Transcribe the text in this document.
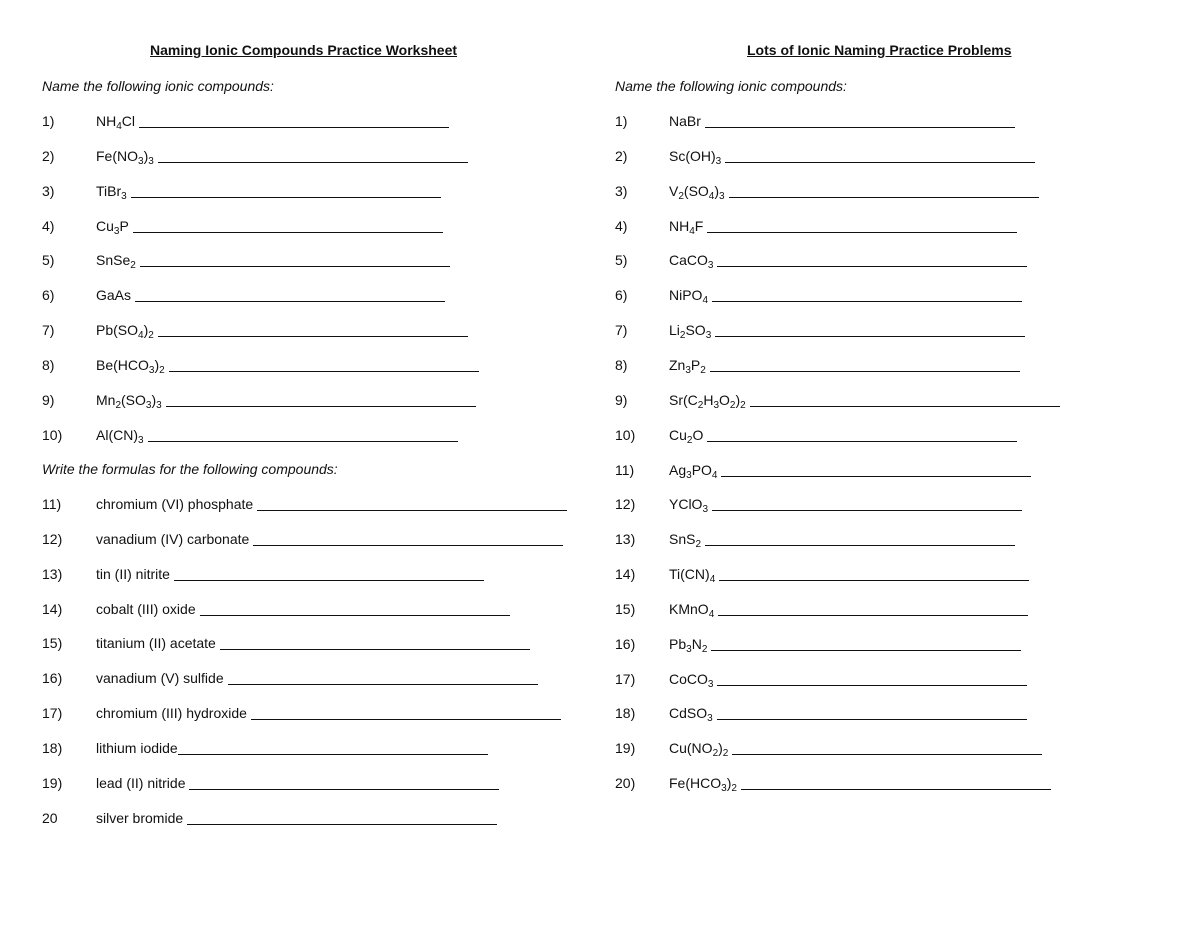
Naming Ionic Compounds Practice Worksheet
Name the following ionic compounds:
1)	$NH_4Cl$
2)	$Fe(NO_3)_3$
3)	TiBr$_3$
4)	$Cu_3P$
5)	SnSe$_2$
6)	GaAs
7)	$Pb(SO_4)_2$
8)	$Be(HCO_3)_2$
9)	$Mn_2(SO_3)_3$
10) $Al(CN)_3$
Write the formulas for the following compounds:
11) chromium (VI) phosphate
12) vanadium (IV) carbonate
13) tin (II) nitrite
14) cobalt (III) oxide
15) titanium (II) acetate
16) vanadium (V) sulfide
17) chromium (III) hydroxide
18) lithium iodide
19) lead (II) nitride
20	silver bromide
Lots of Ionic Naming Practice Problems
Name the following ionic compounds:
1)	NaBr
2)	$Sc(OH)_3$
3)	$V_2(SO_4)_3$
4)	$NH_4F$
5)	CaCO$_3$
6)	NiPO$_4$
7)	$Li_2SO_3$
8)	$Zn_3P_2$
9)	$Sr(C_2H_3O_2)_2$
10) $Cu_2O$
11) $Ag_3PO_4$
12) YClO$_3$
13) SnS$_2$
14) $Ti(CN)_4$
15) KMnO$_4$
16) $Pb_3N_2$
17) CoCO$_3$
18) CdSO$_3$
19) $Cu(NO_2)_2$
20) $Fe(HCO_3)_2$
